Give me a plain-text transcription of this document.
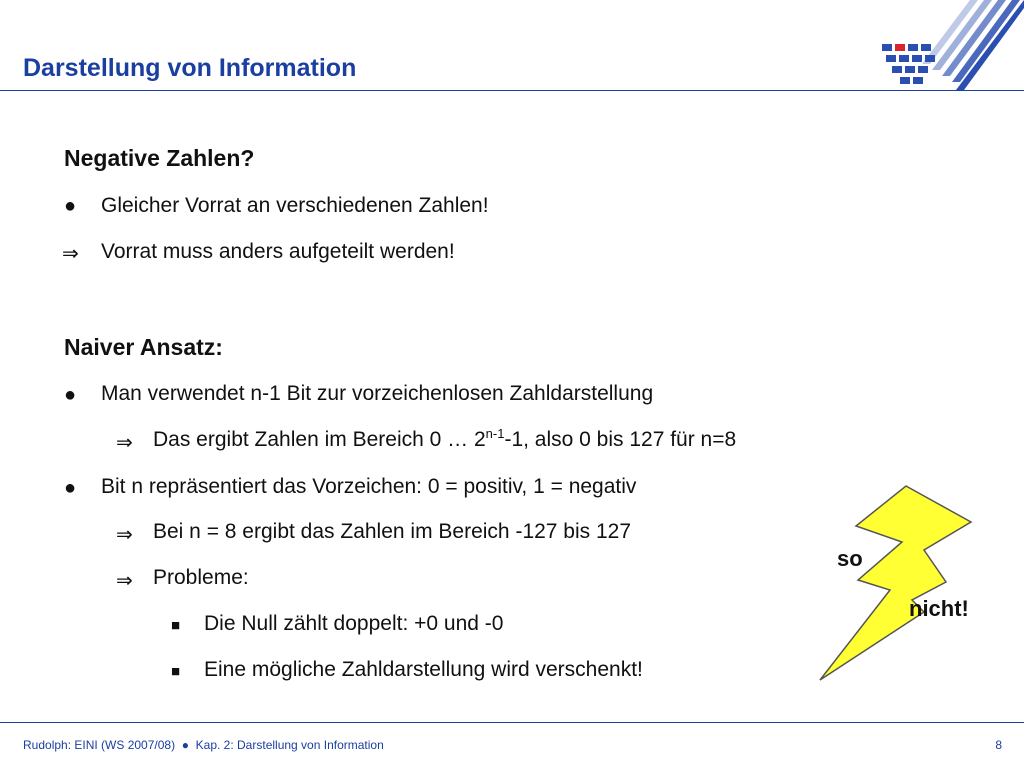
Darstellung von Information
Negative Zahlen?
●	Gleicher Vorrat an verschiedenen Zahlen!
⇒	Vorrat muss anders aufgeteilt werden!
Naiver Ansatz:
●	Man verwendet n-1 Bit zur vorzeichenlosen Zahldarstellung
⇒ Das ergibt Zahlen im Bereich 0 … 2$^{n-1}$-1, also 0 bis 127 für n=8
●	Bit n repräsentiert das Vorzeichen: 0 = positiv, 1 = negativ
⇒ Bei n = 8 ergibt das Zahlen im Bereich -127 bis 127
⇒ Probleme:
■	Die Null zählt doppelt: +0 und -0
■	Eine mögliche Zahldarstellung wird verschenkt!
so
nicht!
Rudolph: EINI (WS 2007/08)  ●  Kap. 2: Darstellung von Information	8
